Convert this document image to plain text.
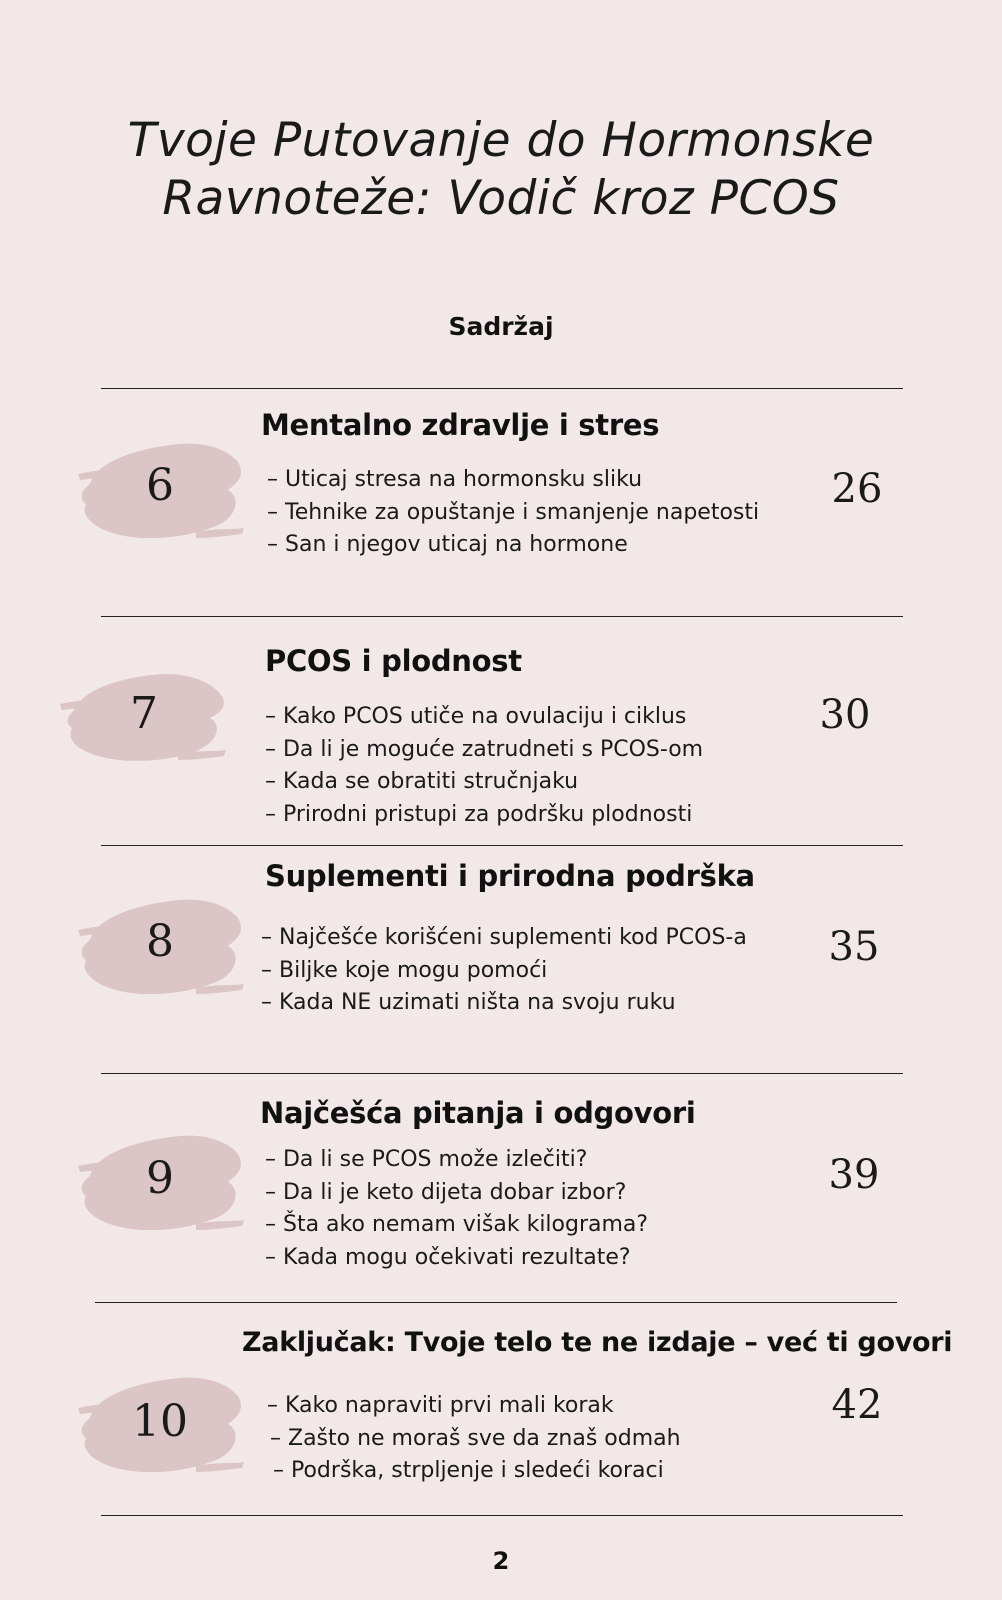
Tvoje Putovanje do Hormonske
Ravnoteže: Vodič kroz PCOS
Sadržaj
6
Mentalno zdravlje i stres
– Uticaj stresa na hormonsku sliku
– Tehnike za opuštanje i smanjenje napetosti
– San i njegov uticaj na hormone
26
7
PCOS i plodnost
– Kako PCOS utiče na ovulaciju i ciklus
– Da li je moguće zatrudneti s PCOS-om
– Kada se obratiti stručnjaku
– Prirodni pristupi za podršku plodnosti
30
8
Suplementi i prirodna podrška
– Najčešće korišćeni suplementi kod PCOS-a
– Biljke koje mogu pomoći
– Kada NE uzimati ništa na svoju ruku
35
9
Najčešća pitanja i odgovori
– Da li se PCOS može izlečiti?
– Da li je keto dijeta dobar izbor?
– Šta ako nemam višak kilograma?
– Kada mogu očekivati rezultate?
39
10
Zaključak: Tvoje telo te ne izdaje – već ti govori
– Kako napraviti prvi mali korak
– Zašto ne moraš sve da znaš odmah
– Podrška, strpljenje i sledeći koraci
42
2
